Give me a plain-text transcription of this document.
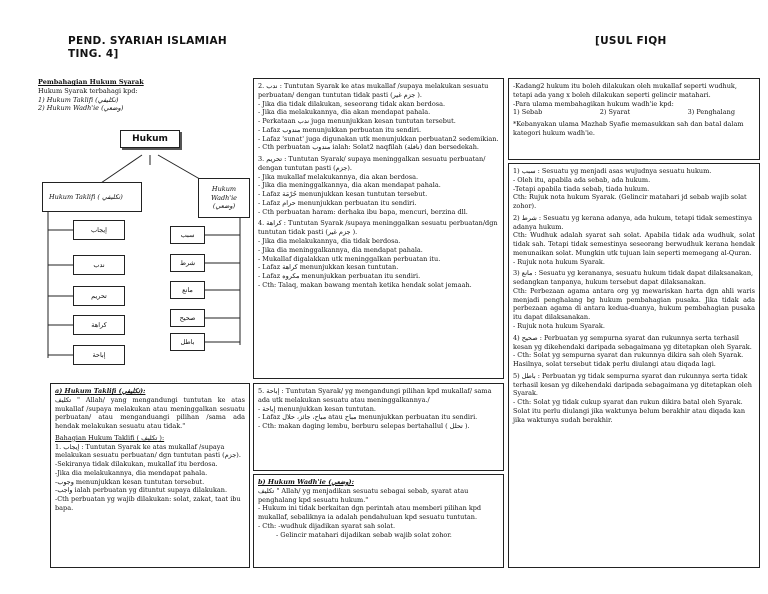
PEND. SYARIAH ISLAMIAH
TING. 4]
[USUL FIQH
Pembahagian Hukum Syarak
Hukum Syarak terbahagi kpd:
1) Hukum Taklifi (تكليفي)
2) Hukum Wadh'ie (وضعي)
Hukum
Hukum Taklifi ( تكليفي)
Hukum Wadh'ie (وضعي)
إيجاب
ندب
تحريم
كراهة
إباحة
سبب
شرط
مانع
صحيح
باطل
2. ندب : Tuntutan Syarak ke atas mukallaf /supaya melakukan sesuatu perbuatan/ dengan tuntutan tidak pasti (جزم غير ).
- Jika dia tidak dilakukan, seseorang tidak akan berdosa.
- Jika dia melakukannya, dia akan mendapat pahala.
- Perkataan ندب juga menunjukkan kesan tuntutan tersebut.
- Lafaz مندوب menunjukkan perbuatan itu sendiri.
- Lafaz 'sunat' juga digunakan utk menunjukkan perbuatan2 sedemikian.
- Cth perbuatan مندوب ialah: Solat2 naqfilah (نافلة) dan bersedekah.
3. تحريم : Tuntutan Syarak/ supaya meninggalkan sesuatu perbuatan/ dengan tuntutan pasti (جزم).
- Jika mukallaf melakukannya, dia akan berdosa.
- Jika dia meninggalkannya, dia akan mendapat pahala.
- Lafaz حُرْمَة menunjukkan kesan tuntutan tersebut.
- Lafaz حرام menunjukkan perbuatan itu sendiri.
- Cth perbuatan haram: derhaka ibu bapa, mencuri, berzina dll.
4. كراهة : Tuntutan Syarak /supaya meninggalkan sesuatu perbuatan/dgn tuntutan tidak pasti (جزم غير ).
- Jika dia melakukannya, dia tidak berdosa.
- Jika dia meninggalkannya, dia mendapat pahala.
- Mukallaf digalakkan utk meninggalkan perbuatan itu.
- Lafaz كراهة menunjukkan kesan tuntutan.
- Lafaz مكروه menunjukkan perbuatan itu sendiri.
- Cth: Talaq, makan bawang mentah ketika hendak solat jemaah.
-Kadang2 hukum itu boleh dilakukan oleh mukallaf seperti wudhuk, tetapi ada yang x boleh dilakukan seperti gelincir matahari.
-Para ulama membahagikan hukum wadh'ie kpd:
1) Sebab	2) Syarat	3) Penghalang
*Kebanyakan ulama Mazhab Syafie memasukkan sah dan batal dalam kategori hukum wadh'ie.
1) سبب : Sesuatu yg menjadi asas wujudnya sesuatu hukum.
- Oleh itu, apabila ada sebab, ada hukum.
-Tetapi apabila tiada sebab, tiada hukum.
Cth: Rujuk nota hukum Syarak. (Gelincir matahari jd sebab wajib solat zohor).
2) شرط : Sesuatu yg kerana adanya, ada hukum, tetapi tidak semestinya adanya hukum.
Cth: Wudhuk adalah syarat sah solat. Apabila tidak ada wudhuk, solat tidak sah. Tetapi tidak semestinya seseorang berwudhuk kerana hendak menunaikan solat. Mungkin utk tujuan lain seperti memegang al-Quran.
- Rujuk nota hukum Syarak.
3) مانع : Sesuatu yg kerananya, sesuatu hukum tidak dapat dilaksanakan, sedangkan tanpanya, hukum tersebut dapat dilaksanakan.
Cth: Perbezaan agama antara org yg mewariskan harta dgn ahli waris menjadi penghalang bg hukum pembahagian pusaka. Jika tidak ada perbezaan agama di antara kedua-duanya, hukum pembahagian pusaka itu dapat dilaksanakan.
- Rujuk nota hukum Syarak.
4) صحيح : Perbuatan yg sempurna syarat dan rukunnya serta terhasil kesan yg dikehendaki daripada sebagaimana yg ditetapkan oleh Syarak.
- Cth: Solat yg sempurna syarat dan rukunnya dikira sah oleh Syarak. Hasilnya, solat tersebut tidak perlu diulangi atau diqada lagi.
5) باطل : Perbuatan yg tidak sempurna syarat dan rukunnya serta tidak terhasil kesan yg dikehendaki daripada sebagaimana yg ditetapkan oleh Syarak.
- Cth: Solat yg tidak cukup syarat dan rukun dikira batal oleh Syarak. Solat itu perlu diulangi jika waktunya belum berakhir atau diqada kan jika waktunya sudah berakhir.
a) Hukum Taklifi (تكليفي):
تكليف " Allah/ yang mengandungi tuntutan ke atas mukallaf /supaya melakukan atau meninggalkan sesuatu perbuatan/ atau menganduangi pilihan /sama ada hendak melakukan sesuatu atau tidak."
Bahagian Hukum Taklifi ( تكليف ):
1. إيجاب : Tuntutan Syarak ke atas mukallaf /supaya melakukan sesuatu perbuatan/ dgn tuntutan pasti (جزم).
-Sekiranya tidak dilakukan, mukallaf itu berdosa.
-Jika dia melakukannya, dia mendapat pahala.
-وجوب menunjukkan kesan tuntutan tersebut.
-واجب ialah perbuatan yg dituntut supaya dilakukan.
-Cth perbuatan yg wajib dilakukan: solat, zakat, taat ibu bapa.
5. إباحة : Tuntutan Syarak/ yg mengandungi pilihan kpd mukallaf/ sama ada utk melakukan sesuatu atau meninggalkannya./
- إباحة menunjukkan kesan tuntutan.
- Lafaz مباح، جائز، حلال atau مباح menunjukkan perbuatan itu sendiri.
- Cth: makan daging lembu, berburu selepas bertahallul ( تحلل ).
b) Hukum Wadh'ie (وضعي):
تكليف " Allah/ yg menjadikan sesuatu sebagai sebab, syarat atau penghalang kpd sesuatu hukum."
- Hukum ini tidak berkaitan dgn perintah atau memberi pilihan kpd mukallaf, sebaliknya ia adalah pendahuluan kpd sesuatu tuntutan.
- Cth: -wudhuk dijadikan syarat sah solat.
- Gelincir matahari dijadikan sebab wajib solat zohor.
